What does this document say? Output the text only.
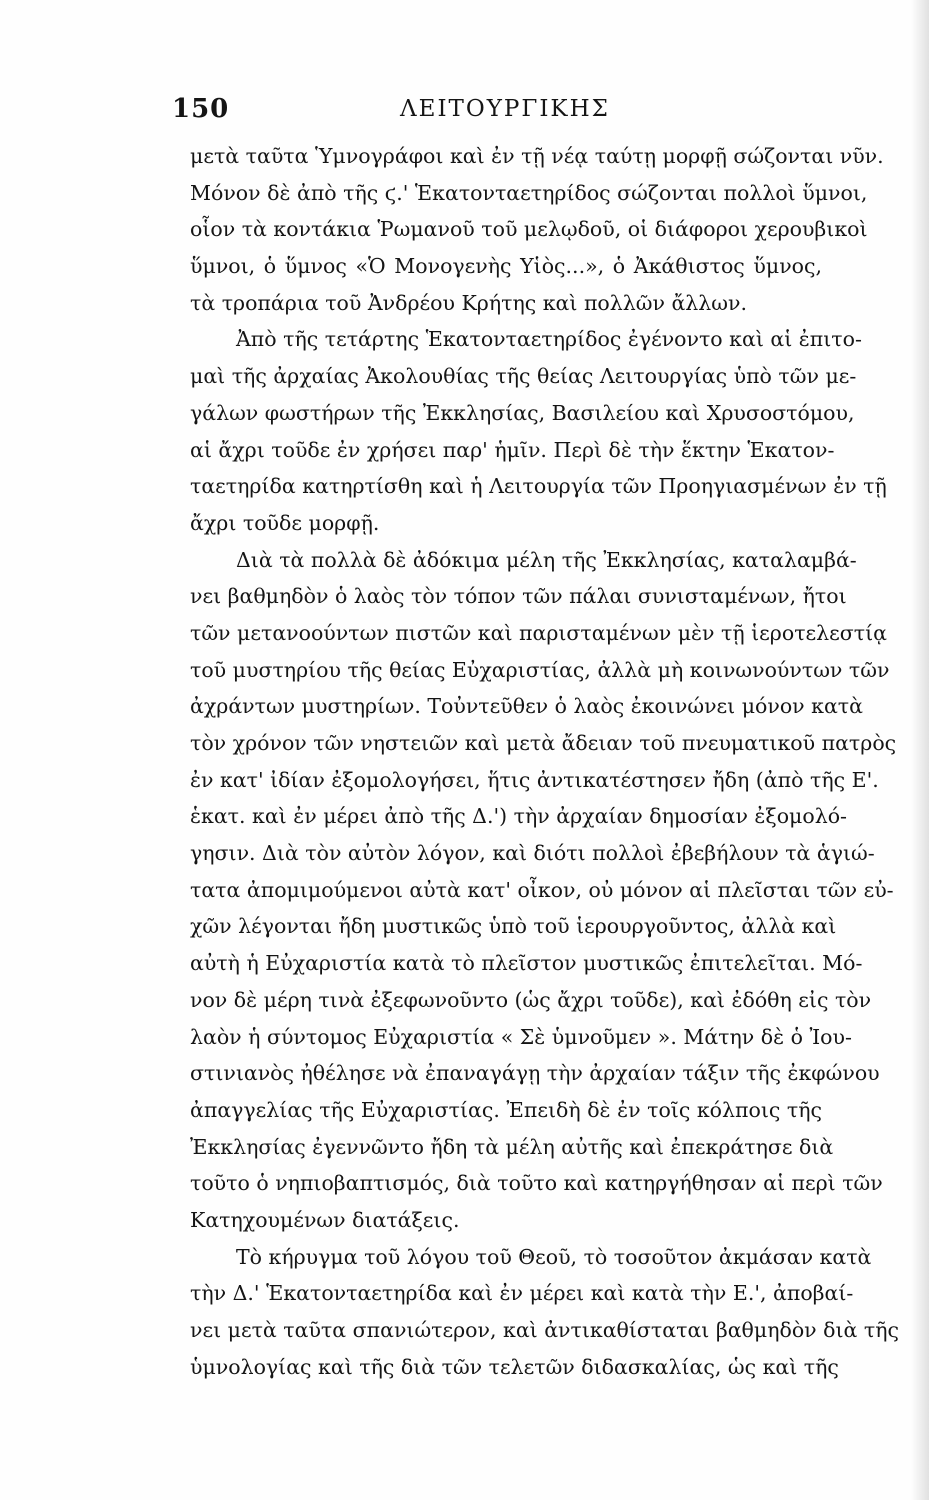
150	ΛΕΙΤΟΥΡΓΙΚΗΣ
μετὰ ταῦτα Ὑμνογράφοι καὶ ἐν τῇ νέᾳ ταύτῃ μορφῇ σώζονται νῦν.
Μόνον δὲ ἀπὸ τῆς ϛ.' Ἑκατονταετηρίδος σώζονται πολλοὶ ὕμνοι,
οἷον τὰ κοντάκια Ῥωμανοῦ τοῦ μελῳδοῦ, οἱ διάφοροι χερουβικοὶ
ὕμνοι, ὁ ὕμνος «Ὁ Μονογενὴς Υἱὸς...», ὁ Ἀκάθιστος ὕμνος,
τὰ τροπάρια τοῦ Ἀνδρέου Κρήτης καὶ πολλῶν ἄλλων.
Ἀπὸ τῆς τετάρτης Ἑκατονταετηρίδος ἐγένοντο καὶ αἱ ἐπιτο-
μαὶ τῆς ἀρχαίας Ἀκολουθίας τῆς θείας Λειτουργίας ὑπὸ τῶν με-
γάλων φωστήρων τῆς Ἐκκλησίας, Βασιλείου καὶ Χρυσοστόμου,
αἱ ἄχρι τοῦδε ἐν χρήσει παρ' ἡμῖν. Περὶ δὲ τὴν ἕκτην Ἑκατον-
ταετηρίδα κατηρτίσθη καὶ ἡ Λειτουργία τῶν Προηγιασμένων ἐν τῇ
ἄχρι τοῦδε μορφῇ.
Διὰ τὰ πολλὰ δὲ ἀδόκιμα μέλη τῆς Ἐκκλησίας, καταλαμβά-
νει βαθμηδὸν ὁ λαὸς τὸν τόπον τῶν πάλαι συνισταμένων, ἤτοι
τῶν μετανοούντων πιστῶν καὶ παρισταμένων μὲν τῇ ἱεροτελεστίᾳ
τοῦ μυστηρίου τῆς θείας Εὐχαριστίας, ἀλλὰ μὴ κοινωνούντων τῶν
ἀχράντων μυστηρίων. Τοὐντεῦθεν ὁ λαὸς ἐκοινώνει μόνον κατὰ
τὸν χρόνον τῶν νηστειῶν καὶ μετὰ ἄδειαν τοῦ πνευματικοῦ πατρὸς
ἐν κατ' ἰδίαν ἐξομολογήσει, ἥτις ἀντικατέστησεν ἤδη (ἀπὸ τῆς Ε'.
ἑκατ. καὶ ἐν μέρει ἀπὸ τῆς Δ.') τὴν ἀρχαίαν δημοσίαν ἐξομολό-
γησιν. Διὰ τὸν αὐτὸν λόγον, καὶ διότι πολλοὶ ἐβεβήλουν τὰ ἁγιώ-
τατα ἀπομιμούμενοι αὐτὰ κατ' οἶκον, οὐ μόνον αἱ πλεῖσται τῶν εὐ-
χῶν λέγονται ἤδη μυστικῶς ὑπὸ τοῦ ἱερουργοῦντος, ἀλλὰ καὶ
αὐτὴ ἡ Εὐχαριστία κατὰ τὸ πλεῖστον μυστικῶς ἐπιτελεῖται. Μό-
νον δὲ μέρη τινὰ ἐξεφωνοῦντο (ὡς ἄχρι τοῦδε), καὶ ἐδόθη εἰς τὸν
λαὸν ἡ σύντομος Εὐχαριστία « Σὲ ὑμνοῦμεν ». Μάτην δὲ ὁ Ἰου-
στινιανὸς ἠθέλησε νὰ ἐπαναγάγῃ τὴν ἀρχαίαν τάξιν τῆς ἐκφώνου
ἀπαγγελίας τῆς Εὐχαριστίας. Ἐπειδὴ δὲ ἐν τοῖς κόλποις τῆς
Ἐκκλησίας ἐγεννῶντο ἤδη τὰ μέλη αὐτῆς καὶ ἐπεκράτησε διὰ
τοῦτο ὁ νηπιοβαπτισμός, διὰ τοῦτο καὶ κατηργήθησαν αἱ περὶ τῶν
Κατηχουμένων διατάξεις.
Τὸ κήρυγμα τοῦ λόγου τοῦ Θεοῦ, τὸ τοσοῦτον ἀκμάσαν κατὰ
τὴν Δ.' Ἑκατονταετηρίδα καὶ ἐν μέρει καὶ κατὰ τὴν Ε.', ἀποβαί-
νει μετὰ ταῦτα σπανιώτερον, καὶ ἀντικαθίσταται βαθμηδὸν διὰ τῆς
ὑμνολογίας καὶ τῆς διὰ τῶν τελετῶν διδασκαλίας, ὡς καὶ τῆς
